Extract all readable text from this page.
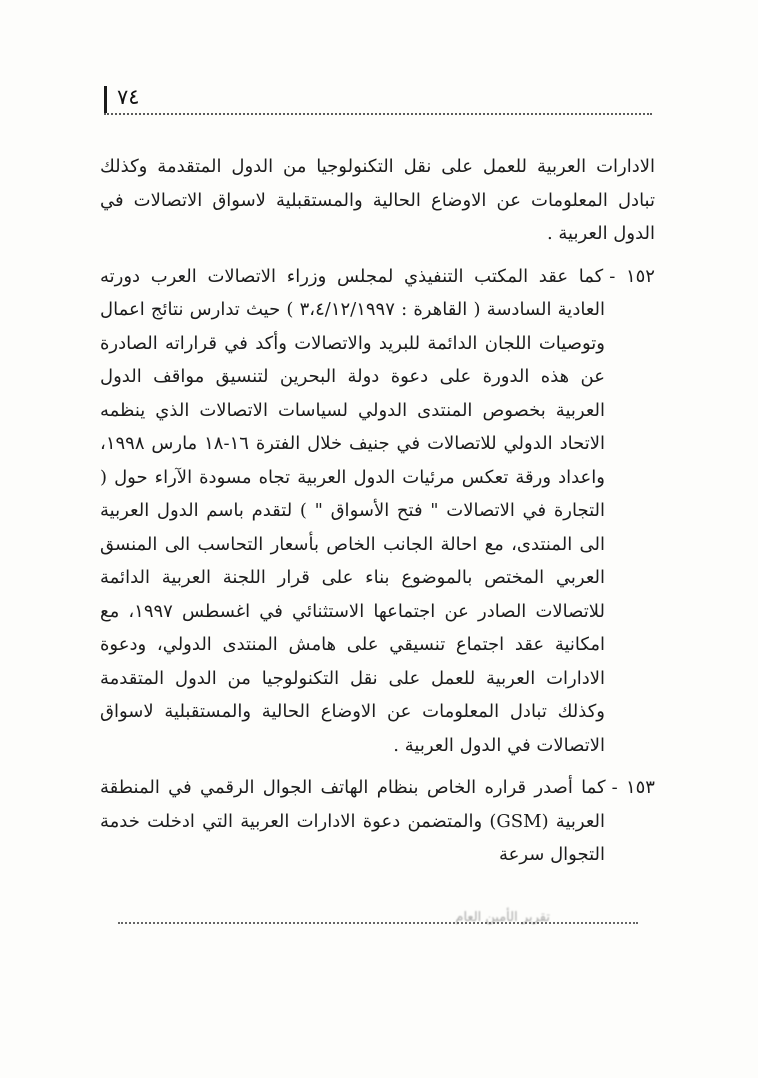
٧٤

الادارات العربية للعمل على نقل التكنولوجيا من الدول المتقدمة وكذلك تبادل المعلومات عن الاوضاع الحالية والمستقبلية لاسواق الاتصالات في الدول العربية .

١٥٢ -كما عقد المكتب التنفيذي لمجلس وزراء الاتصالات العرب دورته العادية السادسة ( القاهرة : ٣،٤/١٢/١٩٩٧ ) حيث تدارس نتائج اعمال وتوصيات اللجان الدائمة للبريد والاتصالات وأكد في قراراته الصادرة عن هذه الدورة على دعوة دولة البحرين لتنسيق مواقف الدول العربية بخصوص المنتدى الدولي لسياسات الاتصالات الذي ينظمه الاتحاد الدولي للاتصالات في جنيف خلال الفترة ١٦-١٨ مارس ١٩٩٨، واعداد ورقة تعكس مرئيات الدول العربية تجاه مسودة الآراء حول ( التجارة في الاتصالات " فتح الأسواق " ) لتقدم باسم الدول العربية الى المنتدى، مع احالة الجانب الخاص بأسعار التحاسب الى المنسق العربي المختص بالموضوع بناء على قرار اللجنة العربية الدائمة للاتصالات الصادر عن اجتماعها الاستثنائي في اغسطس ١٩٩٧، مع امكانية عقد اجتماع تنسيقي على هامش المنتدى الدولي، ودعوة الادارات العربية للعمل على نقل التكنولوجيا من الدول المتقدمة وكذلك تبادل المعلومات عن الاوضاع الحالية والمستقبلية لاسواق الاتصالات في الدول العربية .

١٥٣ -كما أصدر قراره الخاص بنظام الهاتف الجوال الرقمي في المنطقة العربية (GSM) والمتضمن دعوة الادارات العربية التي ادخلت خدمة التجوال سرعة

تقرير الأمين العام
